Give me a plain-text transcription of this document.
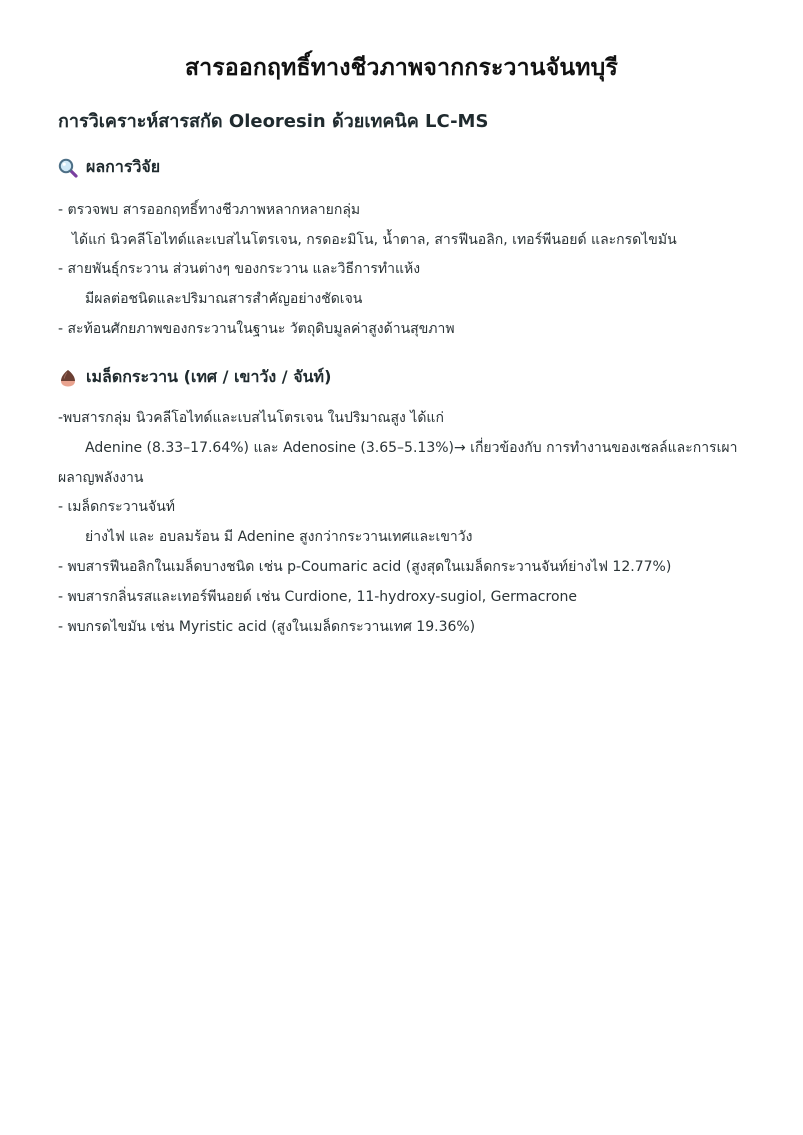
สารออกฤทธิ์ทางชีวภาพจากกระวานจันทบุรี
การวิเคราะห์สารสกัด Oleoresin ด้วยเทคนิค LC-MS
ผลการวิจัย
- ตรวจพบ สารออกฤทธิ์ทางชีวภาพหลากหลายกลุ่ม
ได้แก่ นิวคลีโอไทด์และเบสไนโตรเจน, กรดอะมิโน, น้ำตาล, สารฟีนอลิก, เทอร์พีนอยด์ และกรดไขมัน
- สายพันธุ์กระวาน ส่วนต่างๆ ของกระวาน และวิธีการทำแห้ง
มีผลต่อชนิดและปริมาณสารสำคัญอย่างชัดเจน
- สะท้อนศักยภาพของกระวานในฐานะ วัตถุดิบมูลค่าสูงด้านสุขภาพ
เมล็ดกระวาน (เทศ / เขาวัง / จันท์)
-พบสารกลุ่ม นิวคลีโอไทด์และเบสไนโตรเจน ในปริมาณสูง ได้แก่
Adenine (8.33–17.64%) และ Adenosine (3.65–5.13%)→ เกี่ยวข้องกับ การทำงานของเซลล์และการเผา
ผลาญพลังงาน
- เมล็ดกระวานจันท์
ย่างไฟ และ อบลมร้อน มี Adenine สูงกว่ากระวานเทศและเขาวัง
- พบสารฟีนอลิกในเมล็ดบางชนิด เช่น p-Coumaric acid (สูงสุดในเมล็ดกระวานจันท์ย่างไฟ 12.77%)
- พบสารกลิ่นรสและเทอร์พีนอยด์ เช่น Curdione, 11-hydroxy-sugiol, Germacrone
- พบกรดไขมัน เช่น Myristic acid (สูงในเมล็ดกระวานเทศ 19.36%)
